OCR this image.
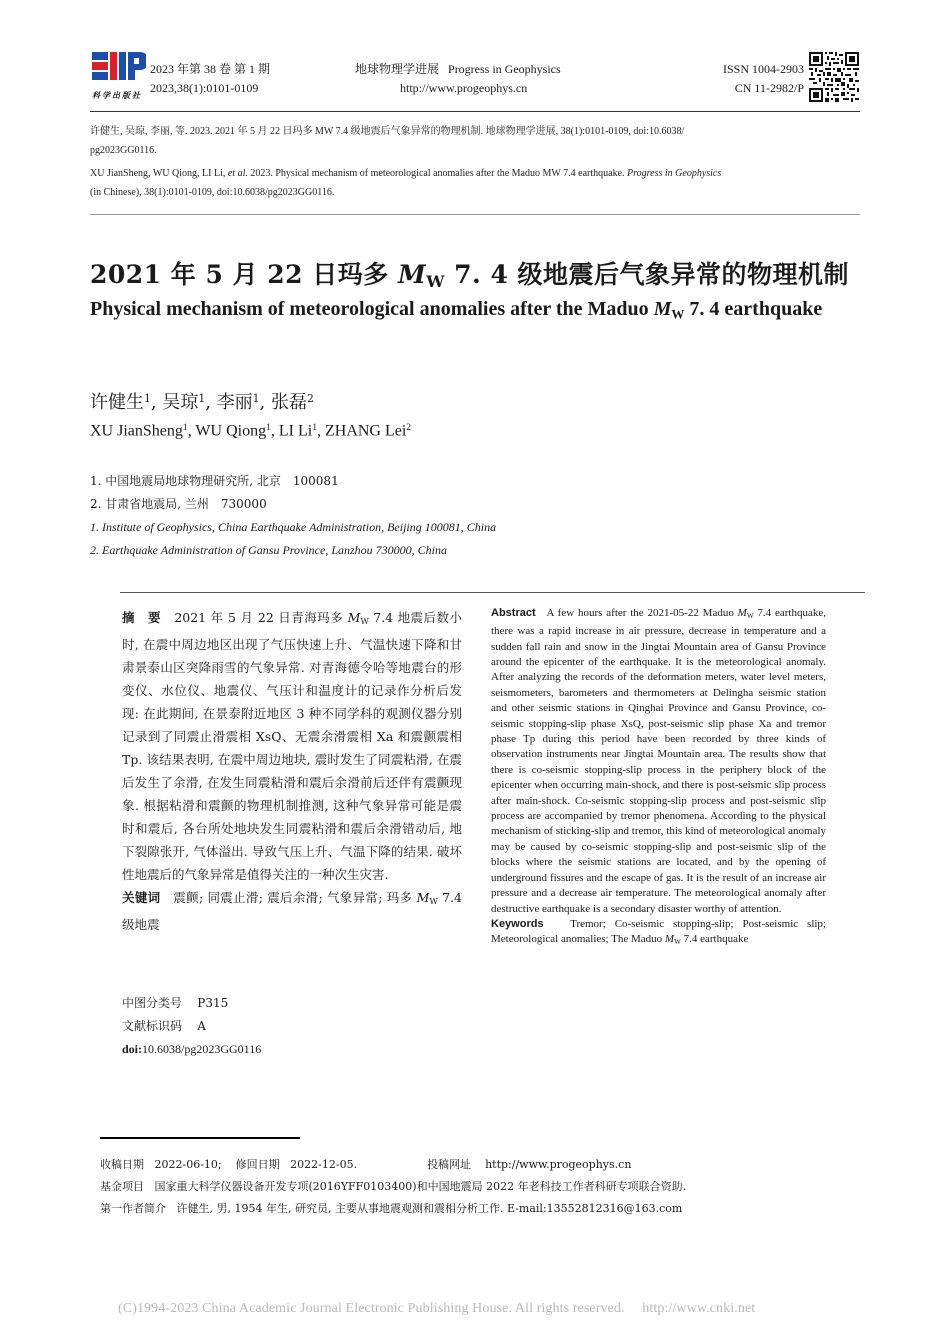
科学出版社
2023 年第 38 卷 第 1 期
2023,38(1):0101-0109
地球物理学进展 Progress in Geophysics
http://www.progeophys.cn
ISSN 1004-2903
CN 11-2982/P
许健生, 吴琼, 李丽, 等. 2023. 2021 年 5 月 22 日玛多 MW 7.4 级地震后气象异常的物理机制. 地球物理学进展, 38(1):0101-0109, doi:10.6038/
pg2023GG0116.
XU JianSheng, WU Qiong, LI Li, et al. 2023. Physical mechanism of meteorological anomalies after the Maduo MW 7.4 earthquake. Progress in Geophysics
(in Chinese), 38(1):0101-0109, doi:10.6038/pg2023GG0116.
2021 年 5 月 22 日玛多 $M_W$ 7. 4 级地震后气象异常的物理机制
Physical mechanism of meteorological anomalies after the Maduo $M_W$ 7. 4 earthquake
许健生$^1$, 吴琼$^1$, 李丽$^1$, 张磊$^2$
XU JianSheng$^1$, WU Qiong$^1$, LI Li$^1$, ZHANG Lei$^2$
1. 中国地震局地球物理研究所, 北京　100081
2. 甘肃省地震局, 兰州　730000
1. Institute of Geophysics, China Earthquake Administration, Beijing 100081, China
2. Earthquake Administration of Gansu Province, Lanzhou 730000, China
摘　要 2021 年 5 月 22 日青海玛多 $M_W$ 7.4 地震后数小时, 在震中周边地区出现了气压快速上升、气温快速下降和甘肃景泰山区突降雨雪的气象异常. 对青海德令哈等地震台的形变仪、水位仪、地震仪、气压计和温度计的记录作分析后发现: 在此期间, 在景泰附近地区 3 种不同学科的观测仪器分别记录到了同震止滑震相 XsQ、无震余滑震相 Xa 和震颤震相 Tp. 该结果表明, 在震中周边地块, 震时发生了同震粘滑, 在震后发生了余滑, 在发生同震粘滑和震后余滑前后还伴有震颤现象. 根据粘滑和震颤的物理机制推测, 这种气象异常可能是震时和震后, 各台所处地块发生同震粘滑和震后余滑错动后, 地下裂隙张开, 气体溢出. 导致气压上升、气温下降的结果. 破坏性地震后的气象异常是值得关注的一种次生灾害.
关键词 震颤; 同震止滑; 震后余滑; 气象异常; 玛多 $M_W$ 7.4 级地震
中图分类号 P315
文献标识码 A
doi:10.6038/pg2023GG0116
Abstract A few hours after the 2021-05-22 Maduo $M_W$ 7.4 earthquake, there was a rapid increase in air pressure, decrease in temperature and a sudden fall rain and snow in the Jingtai Mountain area of Gansu Province around the epicenter of the earthquake. It is the meteorological anomaly. After analyzing the records of the deformation meters, water level meters, seismometers, barometers and thermometers at Delingha seismic station and other seismic stations in Qinghai Province and Gansu Province, co-seismic stopping-slip phase XsQ, post-seismic slip phase Xa and tremor phase Tp during this period have been recorded by three kinds of observation instruments near Jingtai Mountain area. The results show that there is co-seismic stopping-slip process in the periphery block of the epicenter when occurring main-shock, and there is post-seismic slip process after main-shock. Co-seismic stopping-slip process and post-seismic slip process are accompanied by tremor phenomena. According to the physical mechanism of sticking-slip and tremor, this kind of meteorological anomaly may be caused by co-seismic stopping-slip and post-seismic slip of the blocks where the seismic stations are located, and by the opening of underground fissures and the escape of gas. It is the result of an increase air pressure and a decrease air temperature. The meteorological anomaly after destructive earthquake is a secondary disaster worthy of attention.
Keywords Tremor; Co-seismic stopping-slip; Post-seismic slip; Meteorological anomalies; The Maduo $M_W$ 7.4 earthquake
收稿日期 2022-06-10; 修回日期 2022-12-05.	投稿网址 http://www.progeophys.cn
基金项目 国家重大科学仪器设备开发专项(2016YFF0103400)和中国地震局 2022 年老科技工作者科研专项联合资助.
第一作者简介 许健生, 男, 1954 年生, 研究员, 主要从事地震观测和震相分析工作. E-mail:13552812316@163.com
(C)1994-2023 China Academic Journal Electronic Publishing House. All rights reserved.　 http://www.cnki.net
